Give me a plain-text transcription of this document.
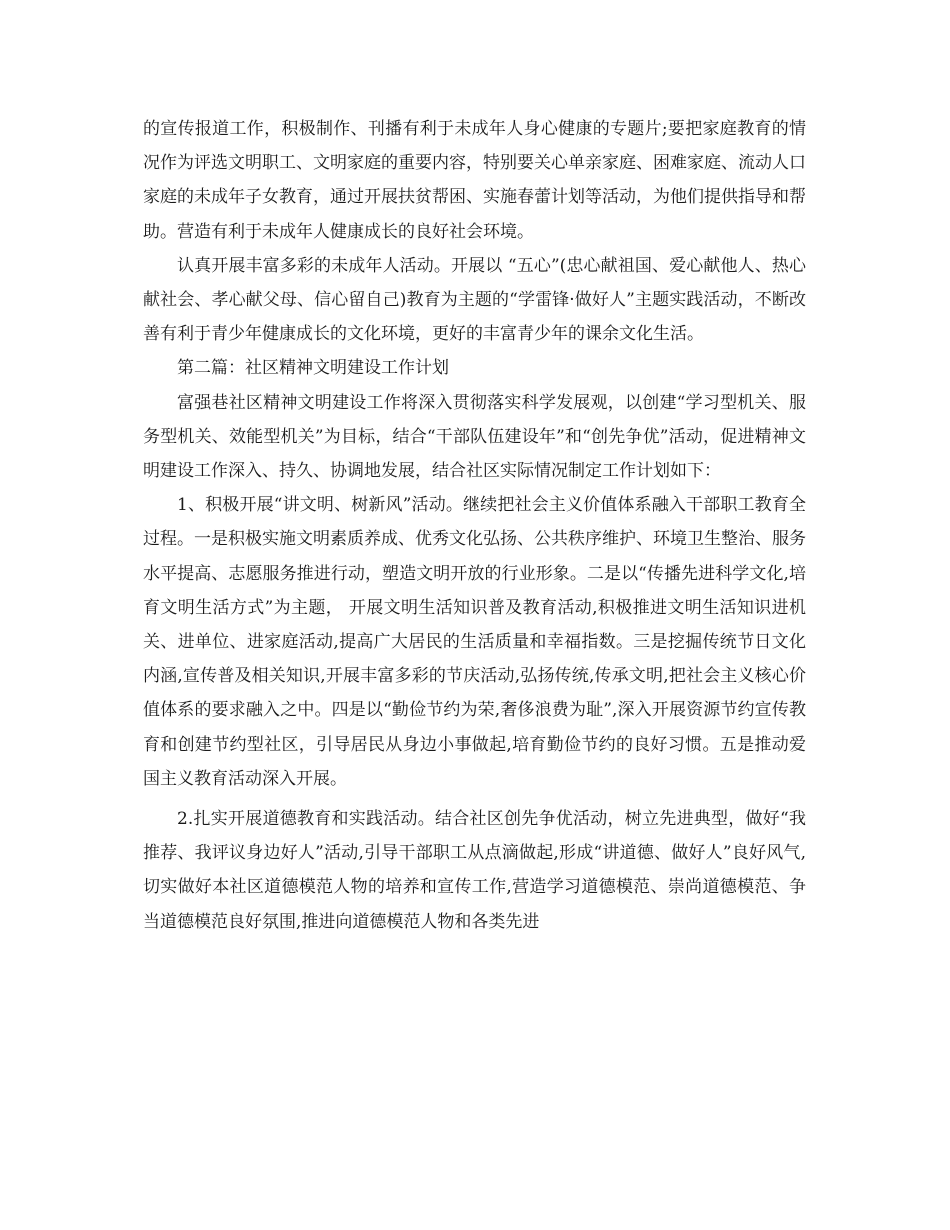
的宣传报道工作，积极制作、刊播有利于未成年人身心健康的专题片;要把家庭教育的情况作为评选文明职工、文明家庭的重要内容，特别要关心单亲家庭、困难家庭、流动人口家庭的未成年子女教育，通过开展扶贫帮困、实施春蕾计划等活动，为他们提供指导和帮助。营造有利于未成年人健康成长的良好社会环境。

认真开展丰富多彩的未成年人活动。开展以 “五心”(忠心献祖国、爱心献他人、热心献社会、孝心献父母、信心留自己)教育为主题的“学雷锋·做好人”主题实践活动，不断改善有利于青少年健康成长的文化环境，更好的丰富青少年的课余文化生活。

第二篇：社区精神文明建设工作计划

富强巷社区精神文明建设工作将深入贯彻落实科学发展观，以创建“学习型机关、服务型机关、效能型机关”为目标，结合“干部队伍建设年”和“创先争优”活动，促进精神文明建设工作深入、持久、协调地发展，结合社区实际情况制定工作计划如下：

1、积极开展“讲文明、树新风”活动。继续把社会主义价值体系融入干部职工教育全过程。一是积极实施文明素质养成、优秀文化弘扬、公共秩序维护、环境卫生整治、服务水平提高、志愿服务推进行动，塑造文明开放的行业形象。二是以“传播先进科学文化,培育文明生活方式”为主题， 开展文明生活知识普及教育活动,积极推进文明生活知识进机关、进单位、进家庭活动,提高广大居民的生活质量和幸福指数。三是挖掘传统节日文化内涵,宣传普及相关知识,开展丰富多彩的节庆活动,弘扬传统,传承文明,把社会主义核心价值体系的要求融入之中。四是以“勤俭节约为荣,奢侈浪费为耻”,深入开展资源节约宣传教育和创建节约型社区，引导居民从身边小事做起,培育勤俭节约的良好习惯。五是推动爱国主义教育活动深入开展。

2.扎实开展道德教育和实践活动。结合社区创先争优活动，树立先进典型，做好“我推荐、我评议身边好人”活动,引导干部职工从点滴做起,形成“讲道德、做好人”良好风气,切实做好本社区道德模范人物的培养和宣传工作,营造学习道德模范、崇尚道德模范、争当道德模范良好氛围,推进向道德模范人物和各类先进
